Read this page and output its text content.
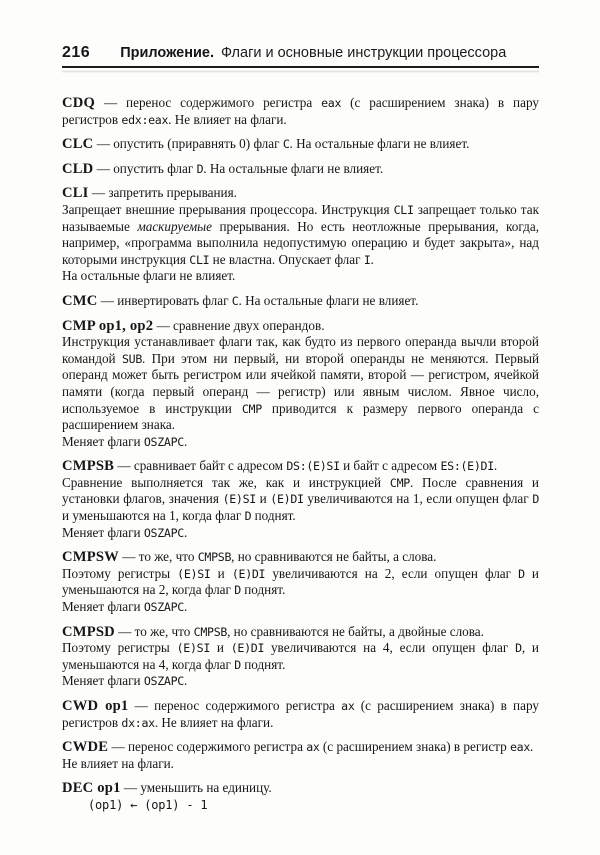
216 Приложение. Флаги и основные инструкции процессора
CDQ — перенос содержимого регистра eax (с расширением знака) в пару регистров edx:eax. Не влияет на флаги.
CLC — опустить (приравнять 0) флаг C. На остальные флаги не влияет.
CLD — опустить флаг D. На остальные флаги не влияет.
CLI — запретить прерывания.
Запрещает внешние прерывания процессора. Инструкция CLI запрещает только так называемые маскируемые прерывания. Но есть неотложные прерывания, когда, например, «программа выполнила недопустимую операцию и будет закрыта», над которыми инструкция CLI не властна. Опускает флаг I.
На остальные флаги не влияет.
CMC — инвертировать флаг C. На остальные флаги не влияет.
CMP op1, op2 — сравнение двух операндов.
Инструкция устанавливает флаги так, как будто из первого операнда вычли второй командой SUB. При этом ни первый, ни второй операнды не меняются. Первый операнд может быть регистром или ячейкой памяти, второй — регистром, ячейкой памяти (когда первый операнд — регистр) или явным числом. Явное число, используемое в инструкции CMP приводится к размеру первого операнда с расширением знака.
Меняет флаги OSZAPC.
CMPSB — сравнивает байт с адресом DS:(E)SI и байт с адресом ES:(E)DI.
Сравнение выполняется так же, как и инструкцией CMP. После сравнения и установки флагов, значения (E)SI и (E)DI увеличиваются на 1, если опущен флаг D и уменьшаются на 1, когда флаг D поднят.
Меняет флаги OSZAPC.
CMPSW — то же, что CMPSB, но сравниваются не байты, а слова.
Поэтому регистры (E)SI и (E)DI увеличиваются на 2, если опущен флаг D и уменьшаются на 2, когда флаг D поднят.
Меняет флаги OSZAPC.
CMPSD — то же, что CMPSB, но сравниваются не байты, а двойные слова.
Поэтому регистры (E)SI и (E)DI увеличиваются на 4, если опущен флаг D, и уменьшаются на 4, когда флаг D поднят.
Меняет флаги OSZAPC.
CWD op1 — перенос содержимого регистра ax (с расширением знака) в пару регистров dx:ax. Не влияет на флаги.
CWDE — перенос содержимого регистра ax (с расширением знака) в регистр eax.
Не влияет на флаги.
DEC op1 — уменьшить на единицу.
(op1) ← (op1) - 1
